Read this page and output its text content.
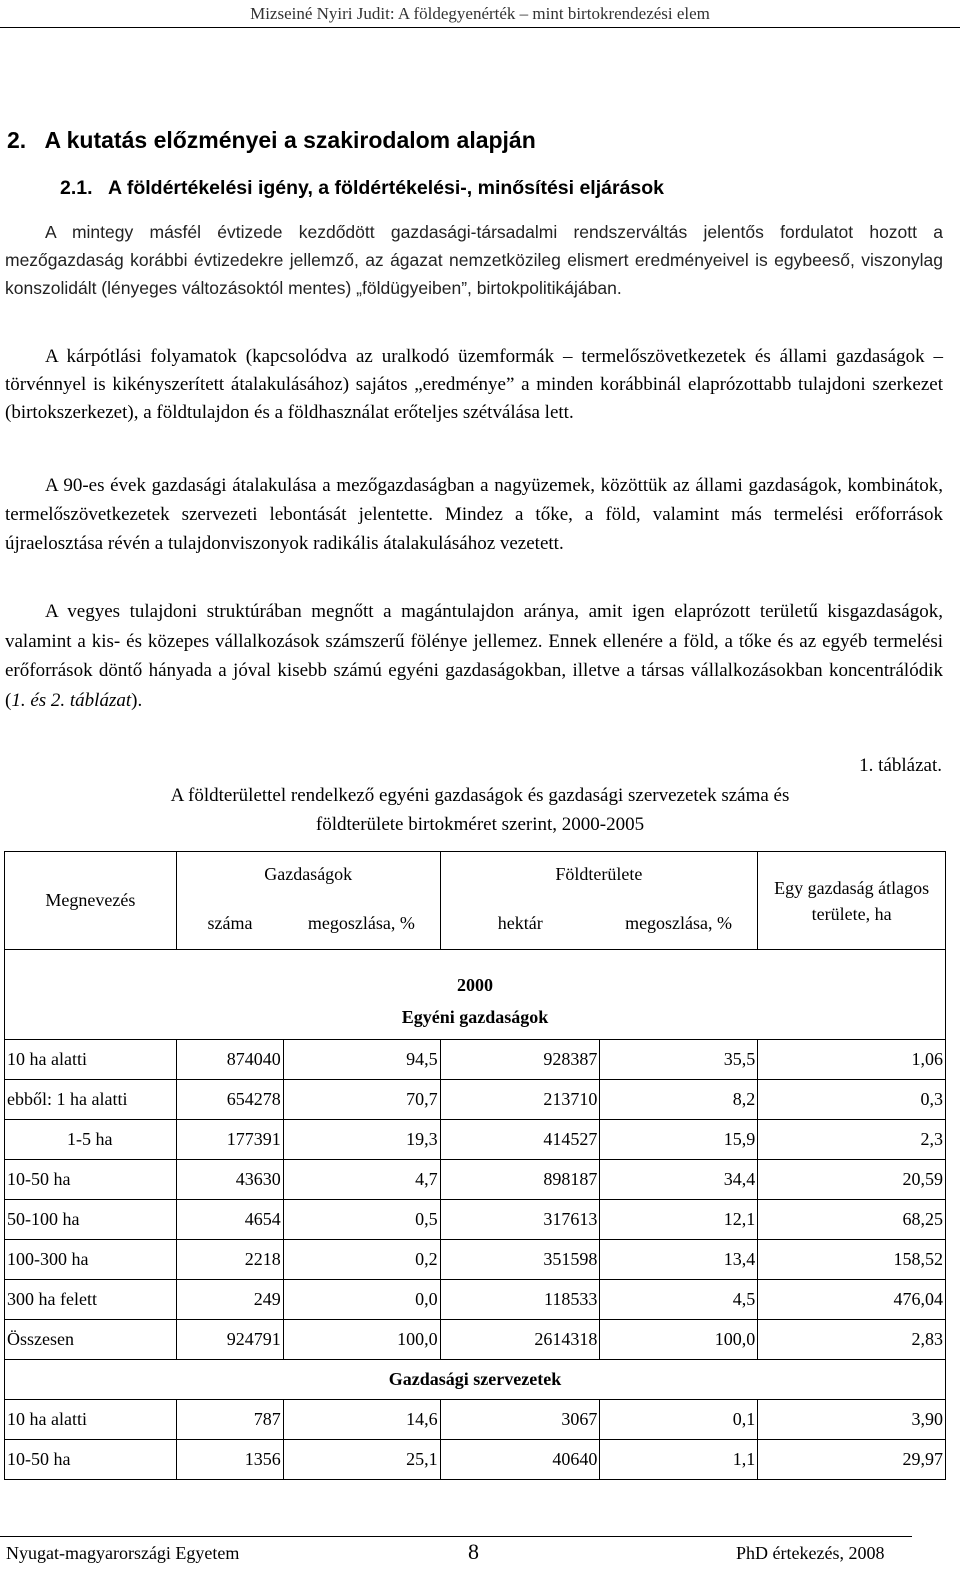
Mizseiné Nyiri Judit: A földegyenérték – mint birtokrendezési elem
2.   A kutatás előzményei a szakirodalom alapján
2.1.   A földértékelési igény, a földértékelési-, minősítési eljárások

A mintegy másfél évtizede kezdődött gazdasági-társadalmi rendszerváltás jelentős fordulatot hozott a mezőgazdaság korábbi évtizedekre jellemző, az ágazat nemzetközileg elismert eredményeivel is egybeeső, viszonylag konszolidált (lényeges változásoktól mentes) „földügyeiben”, birtokpolitikájában.

A kárpótlási folyamatok (kapcsolódva az uralkodó üzemformák – termelőszövetkezetek és állami gazdaságok – törvénnyel is kikényszerített átalakulásához) sajátos „eredménye” a minden korábbinál elaprózottabb tulajdoni szerkezet (birtokszerkezet), a földtulajdon és a földhasználat erőteljes szétválása lett.

A 90-es évek gazdasági átalakulása a mezőgazdaságban a nagyüzemek, közöttük az állami gazdaságok, kombinátok, termelőszövetkezetek szervezeti lebontását jelentette. Mindez a tőke, a föld, valamint más termelési erőforrások újraelosztása révén a tulajdonviszonyok radikális átalakulásához vezetett.

A vegyes tulajdoni struktúrában megnőtt a magántulajdon aránya, amit igen elaprózott területű kisgazdaságok, valamint a kis- és közepes vállalkozások számszerű fölénye jellemez. Ennek ellenére a föld, a tőke és az egyéb termelési erőforrások döntő hányada a jóval kisebb számú egyéni gazdaságokban, illetve a társas vállalkozásokban koncentrálódik (1. és 2. táblázat).

1. táblázat.
A földterülettel rendelkező egyéni gazdaságok és gazdasági szervezetek száma és
földterülete birtokméret szerint, 2000-2005
Megnevezés	Gazdaságok		Földterülete		Egy gazdaság átlagos területe, ha
	száma	megoszlása, %	hektár	megoszlása, %	
2000					
Egyéni gazdaságok					
10 ha alatti	874040	94,5	928387	35,5	1,06
ebből: 1 ha alatti	654278	70,7	213710	8,2	0,3
1-5 ha	177391	19,3	414527	15,9	2,3
10-50 ha	43630	4,7	898187	34,4	20,59
50-100 ha	4654	0,5	317613	12,1	68,25
100-300 ha	2218	0,2	351598	13,4	158,52
300 ha felett	249	0,0	118533	4,5	476,04
Összesen	924791	100,0	2614318	100,0	2,83
Gazdasági szervezetek					
10 ha alatti	787	14,6	3067	0,1	3,90
10-50 ha	1356	25,1	40640	1,1	29,97
Nyugat-magyarországi Egyetem	8	PhD értekezés, 2008
